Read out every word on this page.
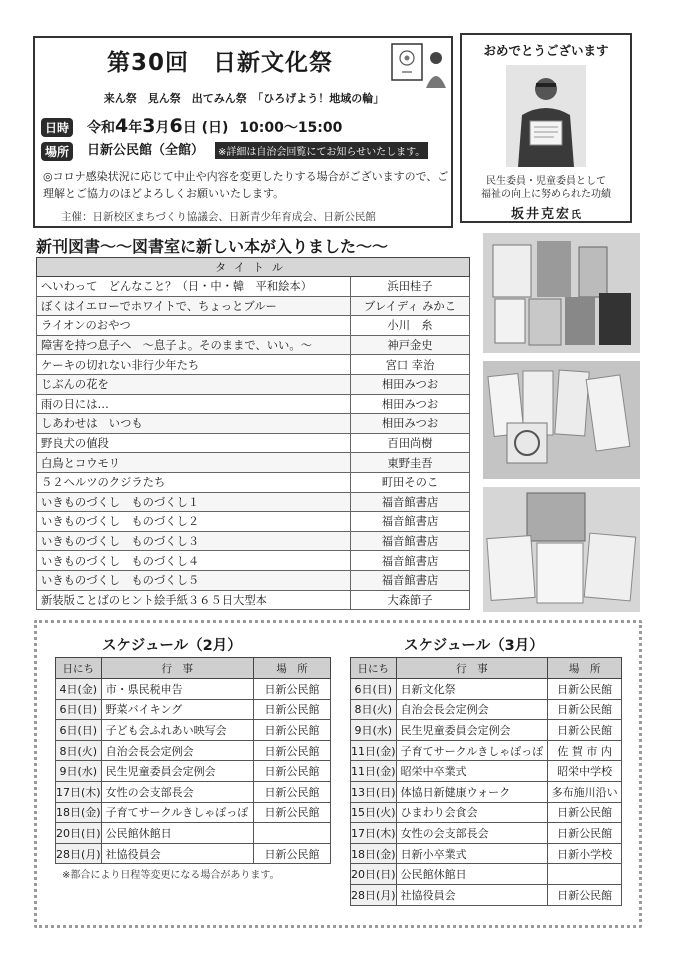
第30回　日新文化祭
来ん祭　見ん祭　出てみん祭　「ひろげよう！地域の輪」
日時 令和4年3月6日 (日) 10:00～15:00
場所	日新公民館（全館）	※詳細は自治会回覧にてお知らせいたします。
◎コロナ感染状況に応じて中止や内容を変更したりする場合がございますので、ご理解とご協力のほどよろしくお願いいたします。
主催：日新校区まちづくり協議会、日新青少年育成会、日新公民館
おめでとうございます
民生委員・児童委員として
福祉の向上に努められた功績
坂井克宏氏
新刊図書～～図書室に新しい本が入りました～～
タイトル	
へいわって　どんなこと？（日・中・韓　平和絵本）	浜田桂子
ぼくはイエローでホワイトで、ちょっとブルー	ブレイディ みかこ
ライオンのおやつ	小川　糸
障害を持つ息子へ　～息子よ。そのままで、いい。～	神戸金史
ケーキの切れない非行少年たち	宮口 幸治
じぶんの花を	相田みつお
雨の日には…	相田みつお
しあわせは　いつも	相田みつお
野良犬の値段	百田尚樹
白鳥とコウモリ	東野圭吾
５２ヘルツのクジラたち	町田そのこ
いきものづくし　ものづくし１	福音館書店
いきものづくし　ものづくし２	福音館書店
いきものづくし　ものづくし３	福音館書店
いきものづくし　ものづくし４	福音館書店
いきものづくし　ものづくし５	福音館書店
新装版ことばのヒント絵手紙３６５日大型本	大森節子
スケジュール（2月）	スケジュール（3月）
日にち	行　事	場　所
4日(金)	市・県民税申告	日新公民館
6日(日)	野菜バイキング	日新公民館
6日(日)	子ども会ふれあい映写会	日新公民館
8日(火)	自治会長会定例会	日新公民館
9日(水)	民生児童委員会定例会	日新公民館
17日(木)	女性の会支部長会	日新公民館
18日(金)	子育てサークルきしゃぽっぽ	日新公民館
20日(日)	公民館休館日	
28日(月)	社協役員会	日新公民館
※都合により日程等変更になる場合があります。
日にち	行　事	場　所
6日(日)	日新文化祭	日新公民館
8日(火)	自治会長会定例会	日新公民館
9日(水)	民生児童委員会定例会	日新公民館
11日(金)	子育てサークルきしゃぽっぽ	佐 賀 市 内
11日(金)	昭栄中卒業式	昭栄中学校
13日(日)	体協日新健康ウォーク	多布施川沿い
15日(火)	ひまわり会食会	日新公民館
17日(木)	女性の会支部長会	日新公民館
18日(金)	日新小卒業式	日新小学校
20日(日)	公民館休館日	
28日(月)	社協役員会	日新公民館
